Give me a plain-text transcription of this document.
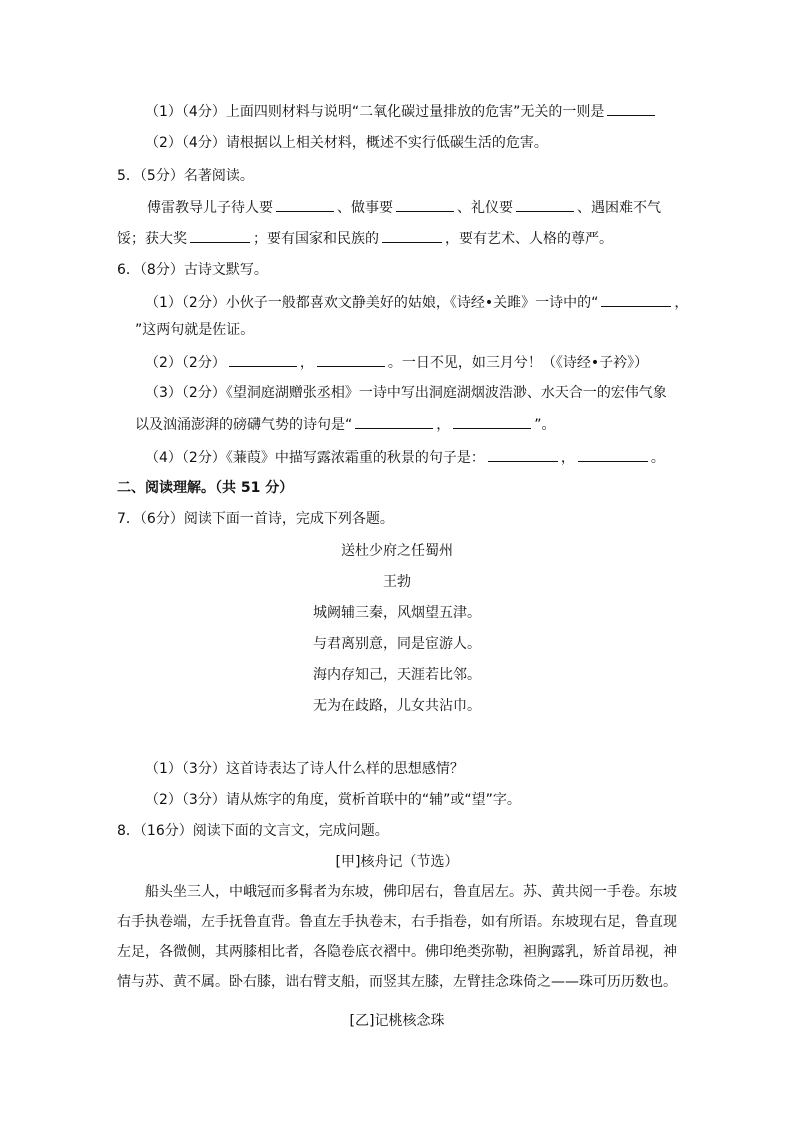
（1）（4分）上面四则材料与说明“二氧化碳过量排放的危害”无关的一则是
（2）（4分）请根据以上相关材料，概述不实行低碳生活的危害。
5．（5分）名著阅读。
傅雷教导儿子待人要	、做事要	、礼仪要	、遇困难不气
馁；获大奖	；要有国家和民族的	，要有艺术、人格的尊严。
6．（8分）古诗文默写。
（1）（2分）小伙子一般都喜欢文静美好的姑娘，《诗经•关雎》一诗中的“	，
”这两句就是佐证。
（2）（2分）	，	。一日不见，如三月兮！（《诗经•子衿》）
（3）（2分）《望洞庭湖赠张丞相》一诗中写出洞庭湖烟波浩渺、水天合一的宏伟气象
以及汹涌澎湃的磅礴气势的诗句是“	，	”。
（4）（2分）《蒹葭》中描写露浓霜重的秋景的句子是：	，	。
二、阅读理解。（共 51 分）
7．（6分）阅读下面一首诗，完成下列各题。
送杜少府之任蜀州
王勃
城阙辅三秦，风烟望五津。
与君离别意，同是宦游人。
海内存知己，天涯若比邻。
无为在歧路，儿女共沾巾。
（1）（3分）这首诗表达了诗人什么样的思想感情？
（2）（3分）请从炼字的角度，赏析首联中的“辅”或“望”字。
8．（16分）阅读下面的文言文，完成问题。
[甲]核舟记（节选）
船头坐三人，中峨冠而多髯者为东坡，佛印居右，鲁直居左。苏、黄共阅一手卷。东坡右手执卷端，左手抚鲁直背。鲁直左手执卷末，右手指卷，如有所语。东坡现右足，鲁直现左足，各微侧，其两膝相比者，各隐卷底衣褶中。佛印绝类弥勒，袒胸露乳，矫首昂视，神情与苏、黄不属。卧右膝，诎右臂支船，而竖其左膝，左臂挂念珠倚之——珠可历历数也。
[乙]记桃核念珠
